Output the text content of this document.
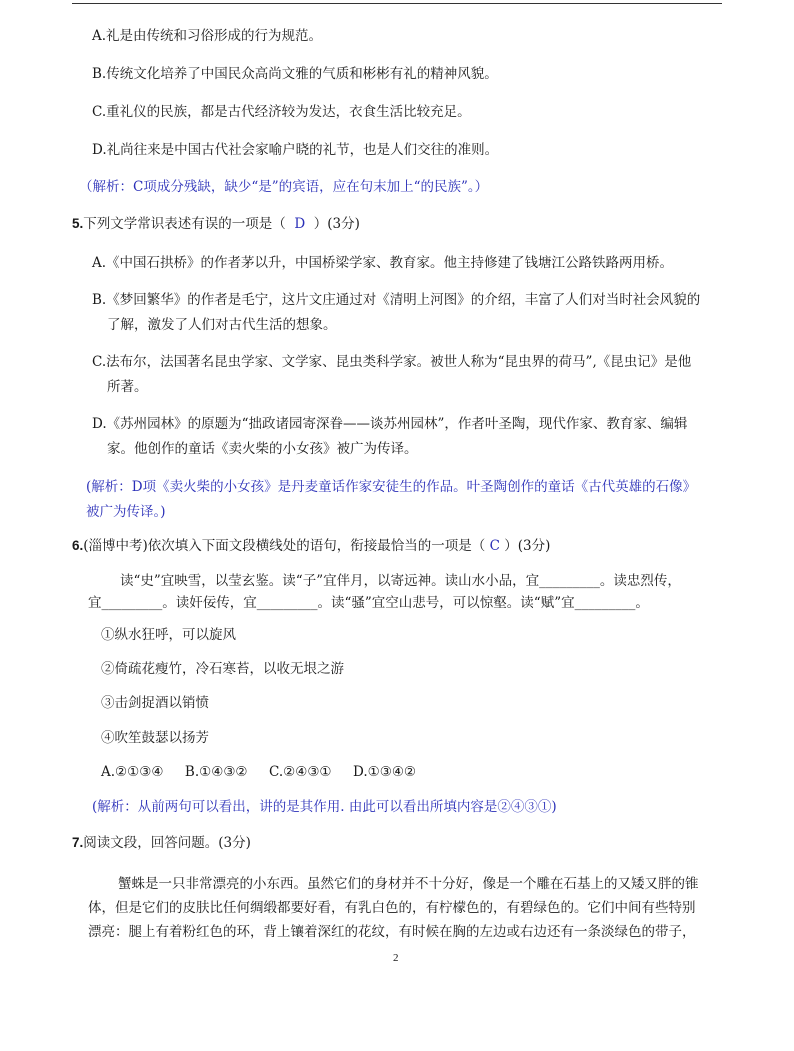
A.礼是由传统和习俗形成的行为规范。
B.传统文化培养了中国民众高尚文雅的气质和彬彬有礼的精神风貌。
C.重礼仪的民族，都是古代经济较为发达，衣食生活比较充足。
D.礼尚往来是中国古代社会家喻户晓的礼节，也是人们交往的准则。
（解析：C项成分残缺，缺少“是”的宾语，应在句末加上“的民族”。）
5.下列文学常识表述有误的一项是（ D ）(3分)
A.《中国石拱桥》的作者茅以升，中国桥梁学家、教育家。他主持修建了钱塘江公路铁路两用桥。
B.《梦回繁华》的作者是毛宁，这片文庄通过对《清明上河图》的介绍，丰富了人们对当时社会风貌的
了解，激发了人们对古代生活的想象。
C.法布尔，法国著名昆虫学家、文学家、昆虫类科学家。被世人称为“昆虫界的荷马”,《昆虫记》是他
所著。
D.《苏州园林》的原题为“拙政诸园寄深眷——谈苏州园林”，作者叶圣陶，现代作家、教育家、编辑
家。他创作的童话《卖火柴的小女孩》被广为传译。
(解析：D项《卖火柴的小女孩》是丹麦童话作家安徒生的作品。叶圣陶创作的童话《古代英雄的石像》
被广为传译。)
6.(淄博中考)依次填入下面文段横线处的语句，衔接最恰当的一项是（ C ）(3分)
读“史”宜映雪，以莹玄鉴。读“子”宜伴月，以寄远神。读山水小品，宜_________。读忠烈传，
宜_________。读奸佞传，宜_________。读“骚”宜空山悲号，可以惊壑。读“赋”宜_________。
①纵水狂呼，可以旋风
②倚疏花瘦竹，冷石寒苔，以收无垠之游
③击剑捉酒以销愤
④吹笙鼓瑟以扬芳
A.②①③④     B.①④③②     C.②④③①     D.①③④②
(解析：从前两句可以看出，讲的是其作用. 由此可以看出所填内容是②④③①)
7.阅读文段，回答问题。(3分)
蟹蛛是一只非常漂亮的小东西。虽然它们的身材并不十分好，像是一个雕在石基上的又矮又胖的锥
体，但是它们的皮肤比任何绸缎都要好看，有乳白色的，有柠檬色的，有碧绿色的。它们中间有些特别
漂亮：腿上有着粉红色的环，背上镶着深红的花纹，有时候在胸的左边或右边还有一条淡绿色的带子，
2
